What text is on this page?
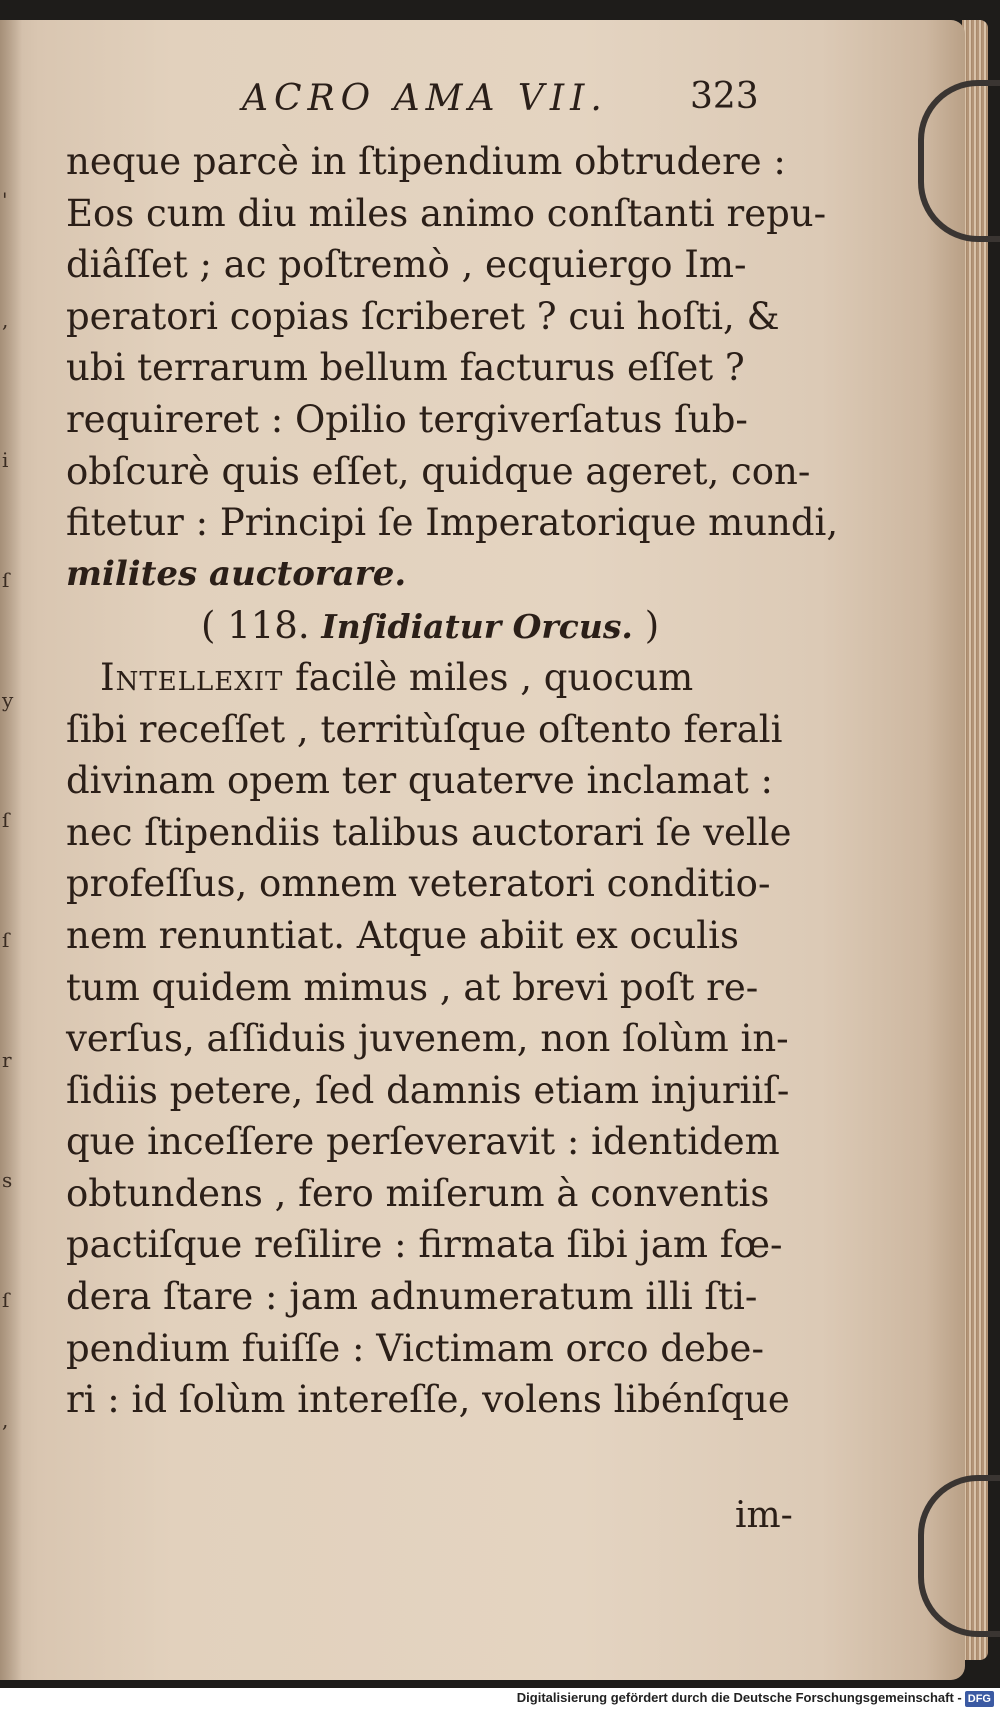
'
,
i
ſ
y
ſ
ſ
r
s
ſ
,
ACRO AMA VII. 323
neque parcè in ſtipendium obtrudere :
Eos cum diu miles animo conſtanti repu-
diâſſet ; ac poſtremò , ecquiergo Im-
peratori copias ſcriberet ? cui hoſti, &
ubi terrarum bellum facturus eſſet ?
requireret : Opilio tergiverſatus ſub-
obſcurè quis eſſet, quidque ageret, con-
fitetur : Principi ſe Imperatorique mundi,
milites auctorare.
( 118. Inſidiatur Orcus. )
Intellexit facilè miles , quocum
ſibi receſſet , territùſque oſtento ferali
divinam opem ter quaterve inclamat :
nec ſtipendiis talibus auctorari ſe velle
profeſſus, omnem veteratori conditio-
nem renuntiat. Atque abiit ex oculis
tum quidem mimus , at brevi poſt re-
verſus, aſſiduis juvenem, non ſolùm in-
ſidiis petere, ſed damnis etiam injuriiſ-
que inceſſere perſeveravit : identidem
obtundens , fero miſerum à conventis
pactiſque reſilire : firmata ſibi jam fœ-
dera ſtare : jam adnumeratum illi ſti-
pendium fuiſſe : Victimam orco debe-
ri : id ſolùm intereſſe, volens libénſque
im-
Digitalisierung gefördert durch die Deutsche Forschungsgemeinschaft - DFG
